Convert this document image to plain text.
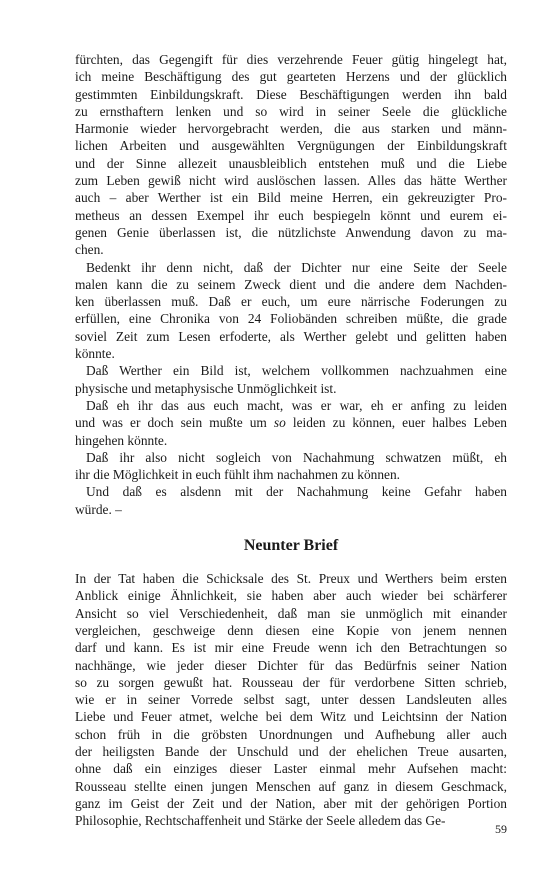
fürchten, das Gegengift für dies verzehrende Feuer gütig hingelegt hat,
ich meine Beschäftigung des gut gearteten Herzens und der glücklich
gestimmten Einbildungskraft. Diese Beschäftigungen werden ihn bald
zu ernsthaftern lenken und so wird in seiner Seele die glückliche
Harmonie wieder hervorgebracht werden, die aus starken und männ-
lichen Arbeiten und ausgewählten Vergnügungen der Einbildungskraft
und der Sinne allezeit unausbleiblich entstehen muß und die Liebe
zum Leben gewiß nicht wird auslöschen lassen. Alles das hätte Werther
auch – aber Werther ist ein Bild meine Herren, ein gekreuzigter Pro-
metheus an dessen Exempel ihr euch bespiegeln könnt und eurem ei-
genen Genie überlassen ist, die nützlichste Anwendung davon zu ma-
chen.
Bedenkt ihr denn nicht, daß der Dichter nur eine Seite der Seele
malen kann die zu seinem Zweck dient und die andere dem Nachden-
ken überlassen muß. Daß er euch, um eure närrische Foderungen zu
erfüllen, eine Chronika von 24 Foliobänden schreiben müßte, die grade
soviel Zeit zum Lesen erfoderte, als Werther gelebt und gelitten haben
könnte.
Daß Werther ein Bild ist, welchem vollkommen nachzuahmen eine
physische und metaphysische Unmöglichkeit ist.
Daß eh ihr das aus euch macht, was er war, eh er anfing zu leiden
und was er doch sein mußte um so leiden zu können, euer halbes Leben
hingehen könnte.
Daß ihr also nicht sogleich von Nachahmung schwatzen müßt, eh
ihr die Möglichkeit in euch fühlt ihm nachahmen zu können.
Und daß es alsdenn mit der Nachahmung keine Gefahr haben
würde. –
Neunter Brief
In der Tat haben die Schicksale des St. Preux und Werthers beim ersten
Anblick einige Ähnlichkeit, sie haben aber auch wieder bei schärferer
Ansicht so viel Verschiedenheit, daß man sie unmöglich mit einander
vergleichen, geschweige denn diesen eine Kopie von jenem nennen
darf und kann. Es ist mir eine Freude wenn ich den Betrachtungen so
nachhänge, wie jeder dieser Dichter für das Bedürfnis seiner Nation
so zu sorgen gewußt hat. Rousseau der für verdorbene Sitten schrieb,
wie er in seiner Vorrede selbst sagt, unter dessen Landsleuten alles
Liebe und Feuer atmet, welche bei dem Witz und Leichtsinn der Nation
schon früh in die gröbsten Unordnungen und Aufhebung aller auch
der heiligsten Bande der Unschuld und der ehelichen Treue ausarten,
ohne daß ein einziges dieser Laster einmal mehr Aufsehen macht:
Rousseau stellte einen jungen Menschen auf ganz in diesem Geschmack,
ganz im Geist der Zeit und der Nation, aber mit der gehörigen Portion
Philosophie, Rechtschaffenheit und Stärke der Seele alledem das Ge-
59
